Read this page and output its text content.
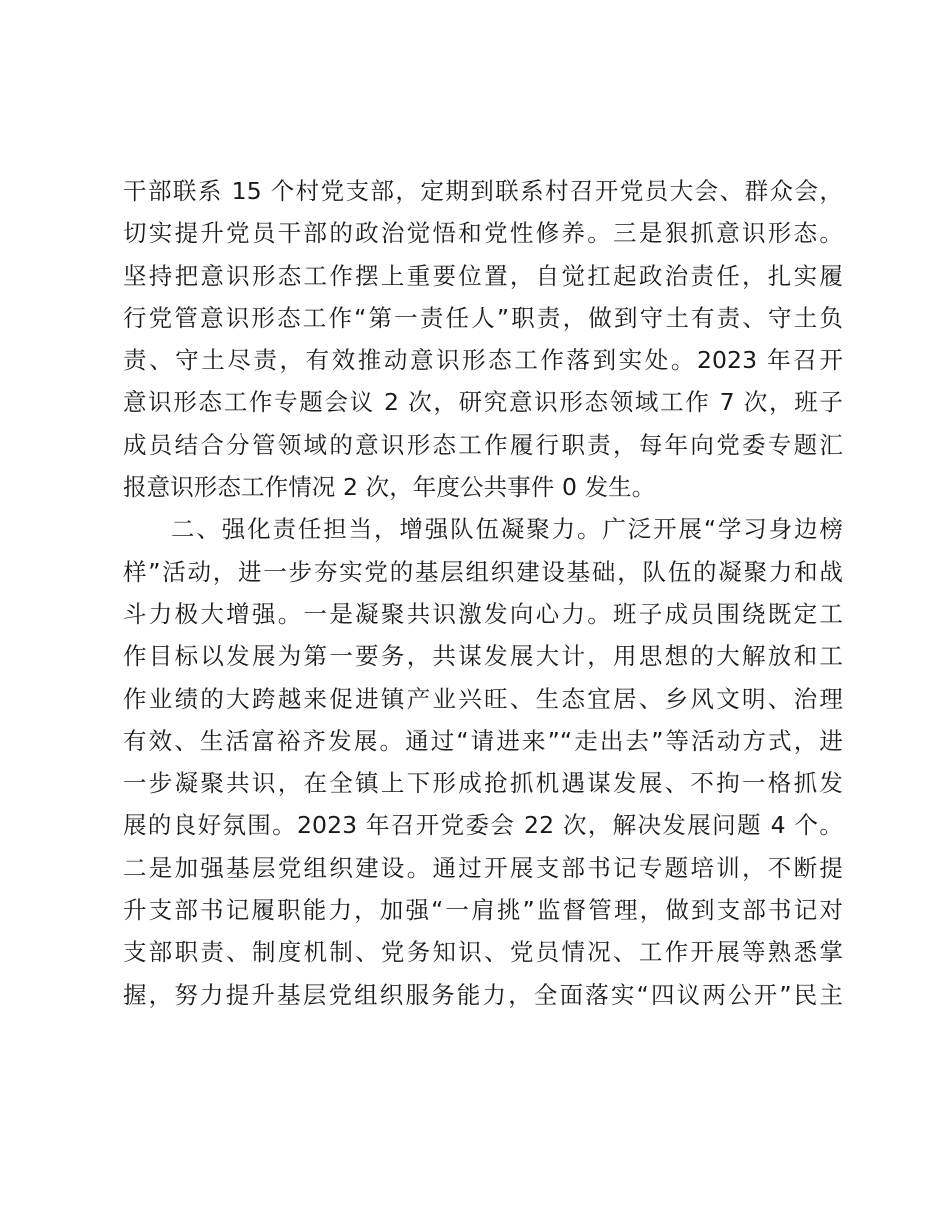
干部联系 15 个村党支部，定期到联系村召开党员大会、群众会，
切实提升党员干部的政治觉悟和党性修养。三是狠抓意识形态。
坚持把意识形态工作摆上重要位置，自觉扛起政治责任，扎实履
行党管意识形态工作“第一责任人”职责，做到守土有责、守土负
责、守土尽责，有效推动意识形态工作落到实处。2023 年召开
意识形态工作专题会议 2 次，研究意识形态领域工作 7 次，班子
成员结合分管领域的意识形态工作履行职责，每年向党委专题汇
报意识形态工作情况 2 次，年度公共事件 0 发生。
二、强化责任担当，增强队伍凝聚力。广泛开展“学习身边榜
样”活动，进一步夯实党的基层组织建设基础，队伍的凝聚力和战
斗力极大增强。一是凝聚共识激发向心力。班子成员围绕既定工
作目标以发展为第一要务，共谋发展大计，用思想的大解放和工
作业绩的大跨越来促进镇产业兴旺、生态宜居、乡风文明、治理
有效、生活富裕齐发展。通过“请进来”“走出去”等活动方式，进
一步凝聚共识，在全镇上下形成抢抓机遇谋发展、不拘一格抓发
展的良好氛围。2023 年召开党委会 22 次，解决发展问题 4 个。
二是加强基层党组织建设。通过开展支部书记专题培训，不断提
升支部书记履职能力，加强“一肩挑”监督管理，做到支部书记对
支部职责、制度机制、党务知识、党员情况、工作开展等熟悉掌
握，努力提升基层党组织服务能力，全面落实“四议两公开”民主
